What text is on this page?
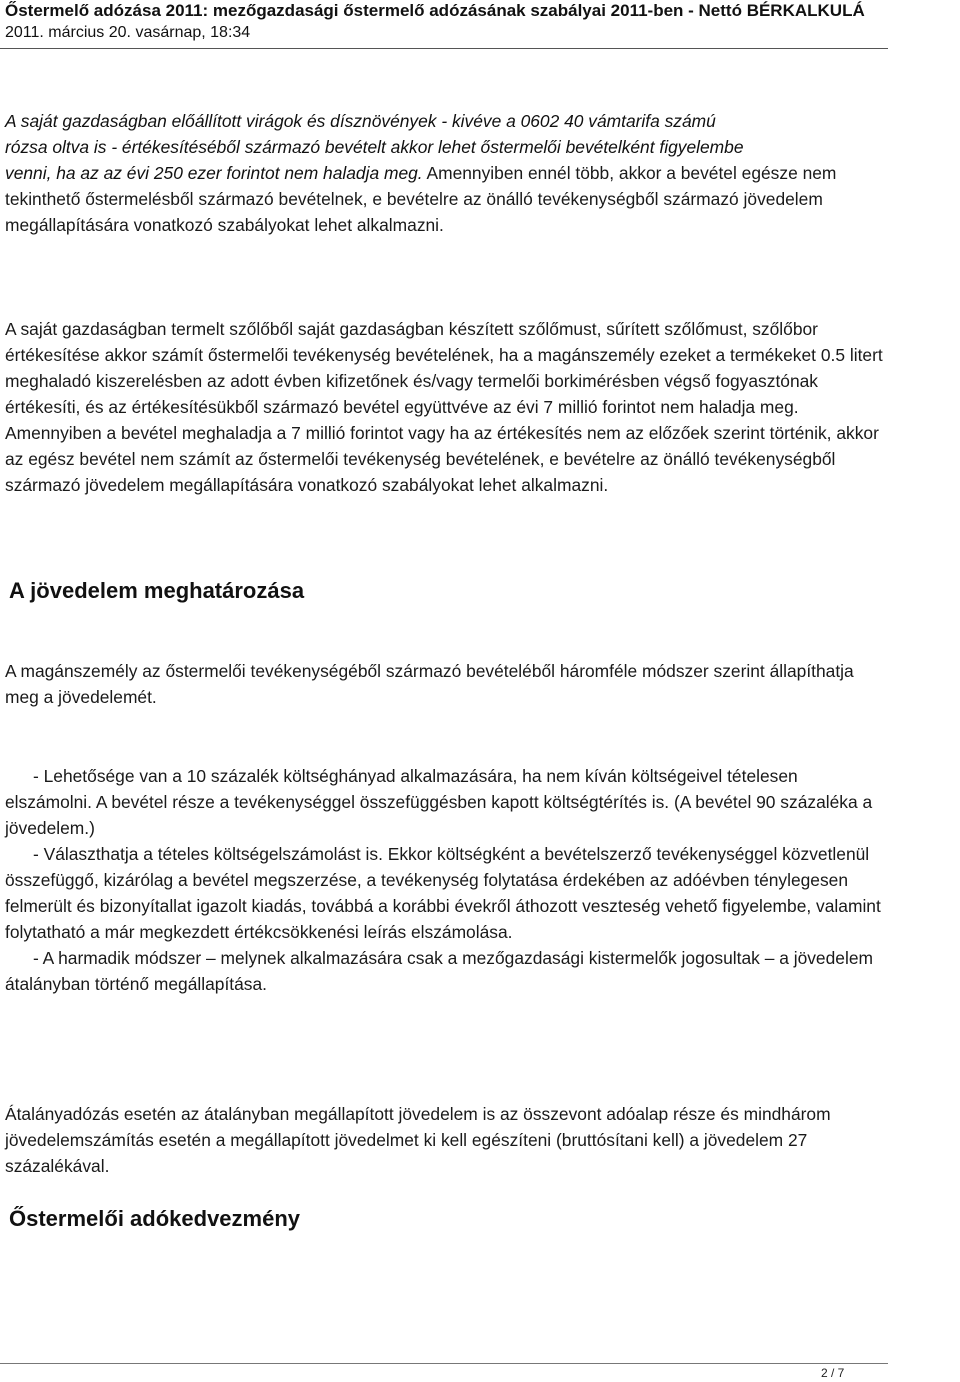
Őstermelő adózása 2011: mezőgazdasági őstermelő adózásának szabályai 2011-ben - Nettó BÉRKALKULÁ
2011. március 20. vasárnap, 18:34

A saját gazdaságban előállított virágok és dísznövények - kivéve a 0602 40 vámtarifa számú
rózsa oltva is - értékesítéséből származó bevételt akkor lehet őstermelői bevételként figyelembe
venni, ha az az évi 250 ezer forintot nem haladja meg. Amennyiben ennél több, akkor a bevétel egésze nem tekinthető őstermelésből származó bevételnek, e bevételre az önálló tevékenységből származó jövedelem megállapítására vonatkozó szabályokat lehet alkalmazni.

A saját gazdaságban termelt szőlőből saját gazdaságban készített szőlőmust, sűrített szőlőmust, szőlőbor értékesítése akkor számít őstermelői tevékenység bevételének, ha a magánszemély ezeket a termékeket 0.5 litert meghaladó kiszerelésben az adott évben kifizetőnek és/vagy termelői borkimérésben végső fogyasztónak értékesíti, és az értékesítésükből származó bevétel együttvéve az évi 7 millió forintot nem haladja meg. Amennyiben a bevétel meghaladja a 7 millió forintot vagy ha az értékesítés nem az előzőek szerint történik, akkor az egész bevétel nem számít az őstermelői tevékenység bevételének, e bevételre az önálló tevékenységből származó jövedelem megállapítására vonatkozó szabályokat lehet alkalmazni.

A jövedelem meghatározása

A magánszemély az őstermelői tevékenységéből származó bevételéből háromféle módszer szerint állapíthatja meg a jövedelemét.

- Lehetősége van a 10 százalék költséghányad alkalmazására, ha nem kíván költségeivel tételesen elszámolni. A bevétel része a tevékenységgel összefüggésben kapott költségtérítés is. (A bevétel 90 százaléka a jövedelem.)
- Választhatja a tételes költségelszámolást is. Ekkor költségként a bevételszerző tevékenységgel közvetlenül összefüggő, kizárólag a bevétel megszerzése, a tevékenység folytatása érdekében az adóévben ténylegesen felmerült és bizonyítallat igazolt kiadás, továbbá a korábbi évekről áthozott veszteség vehető figyelembe, valamint folytatható a már megkezdett értékcsökkenési leírás elszámolása.
- A harmadik módszer – melynek alkalmazására csak a mezőgazdasági kistermelők jogosultak – a jövedelem átalányban történő megállapítása.

Átalányadózás esetén az átalányban megállapított jövedelem is az összevont adóalap része és mindhárom jövedelemszámítás esetén a megállapított jövedelmet ki kell egészíteni (bruttósítani kell) a jövedelem 27 százalékával.

Őstermelői adókedvezmény
2 / 7
